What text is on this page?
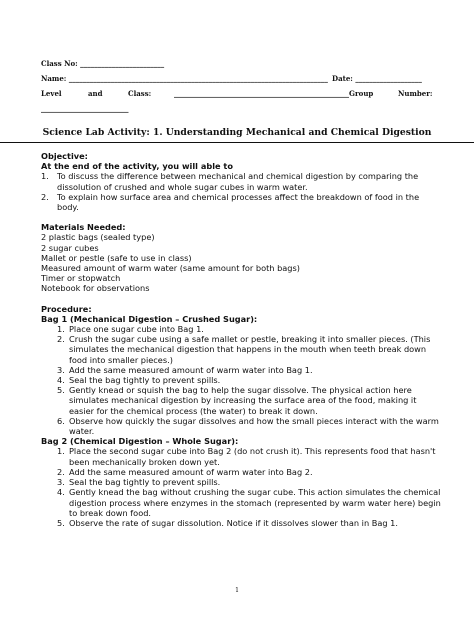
Class No: ________________________
Name: __________________________________________________________________________ Date: ___________________
Level	and	Class:	__________________________________________________Group	Number:
_________________________
Science Lab Activity: 1. Understanding Mechanical and Chemical Digestion
Objective:
At the end of the activity, you will able to
1. To discuss the difference between mechanical and chemical digestion by comparing the dissolution of crushed and whole sugar cubes in warm water.
2. To explain how surface area and chemical processes affect the breakdown of food in the body.
Materials Needed:
2 plastic bags (sealed type)
2 sugar cubes
Mallet or pestle (safe to use in class)
Measured amount of warm water (same amount for both bags)
Timer or stopwatch
Notebook for observations
Procedure:
Bag 1 (Mechanical Digestion – Crushed Sugar):
1. Place one sugar cube into Bag 1.
2. Crush the sugar cube using a safe mallet or pestle, breaking it into smaller pieces. (This simulates the mechanical digestion that happens in the mouth when teeth break down food into smaller pieces.)
3. Add the same measured amount of warm water into Bag 1.
4. Seal the bag tightly to prevent spills.
5. Gently knead or squish the bag to help the sugar dissolve. The physical action here simulates mechanical digestion by increasing the surface area of the food, making it easier for the chemical process (the water) to break it down.
6. Observe how quickly the sugar dissolves and how the small pieces interact with the warm water.
Bag 2 (Chemical Digestion – Whole Sugar):
1. Place the second sugar cube into Bag 2 (do not crush it). This represents food that hasn't been mechanically broken down yet.
2. Add the same measured amount of warm water into Bag 2.
3. Seal the bag tightly to prevent spills.
4. Gently knead the bag without crushing the sugar cube. This action simulates the chemical digestion process where enzymes in the stomach (represented by warm water here) begin to break down food.
5. Observe the rate of sugar dissolution. Notice if it dissolves slower than in Bag 1.
1
